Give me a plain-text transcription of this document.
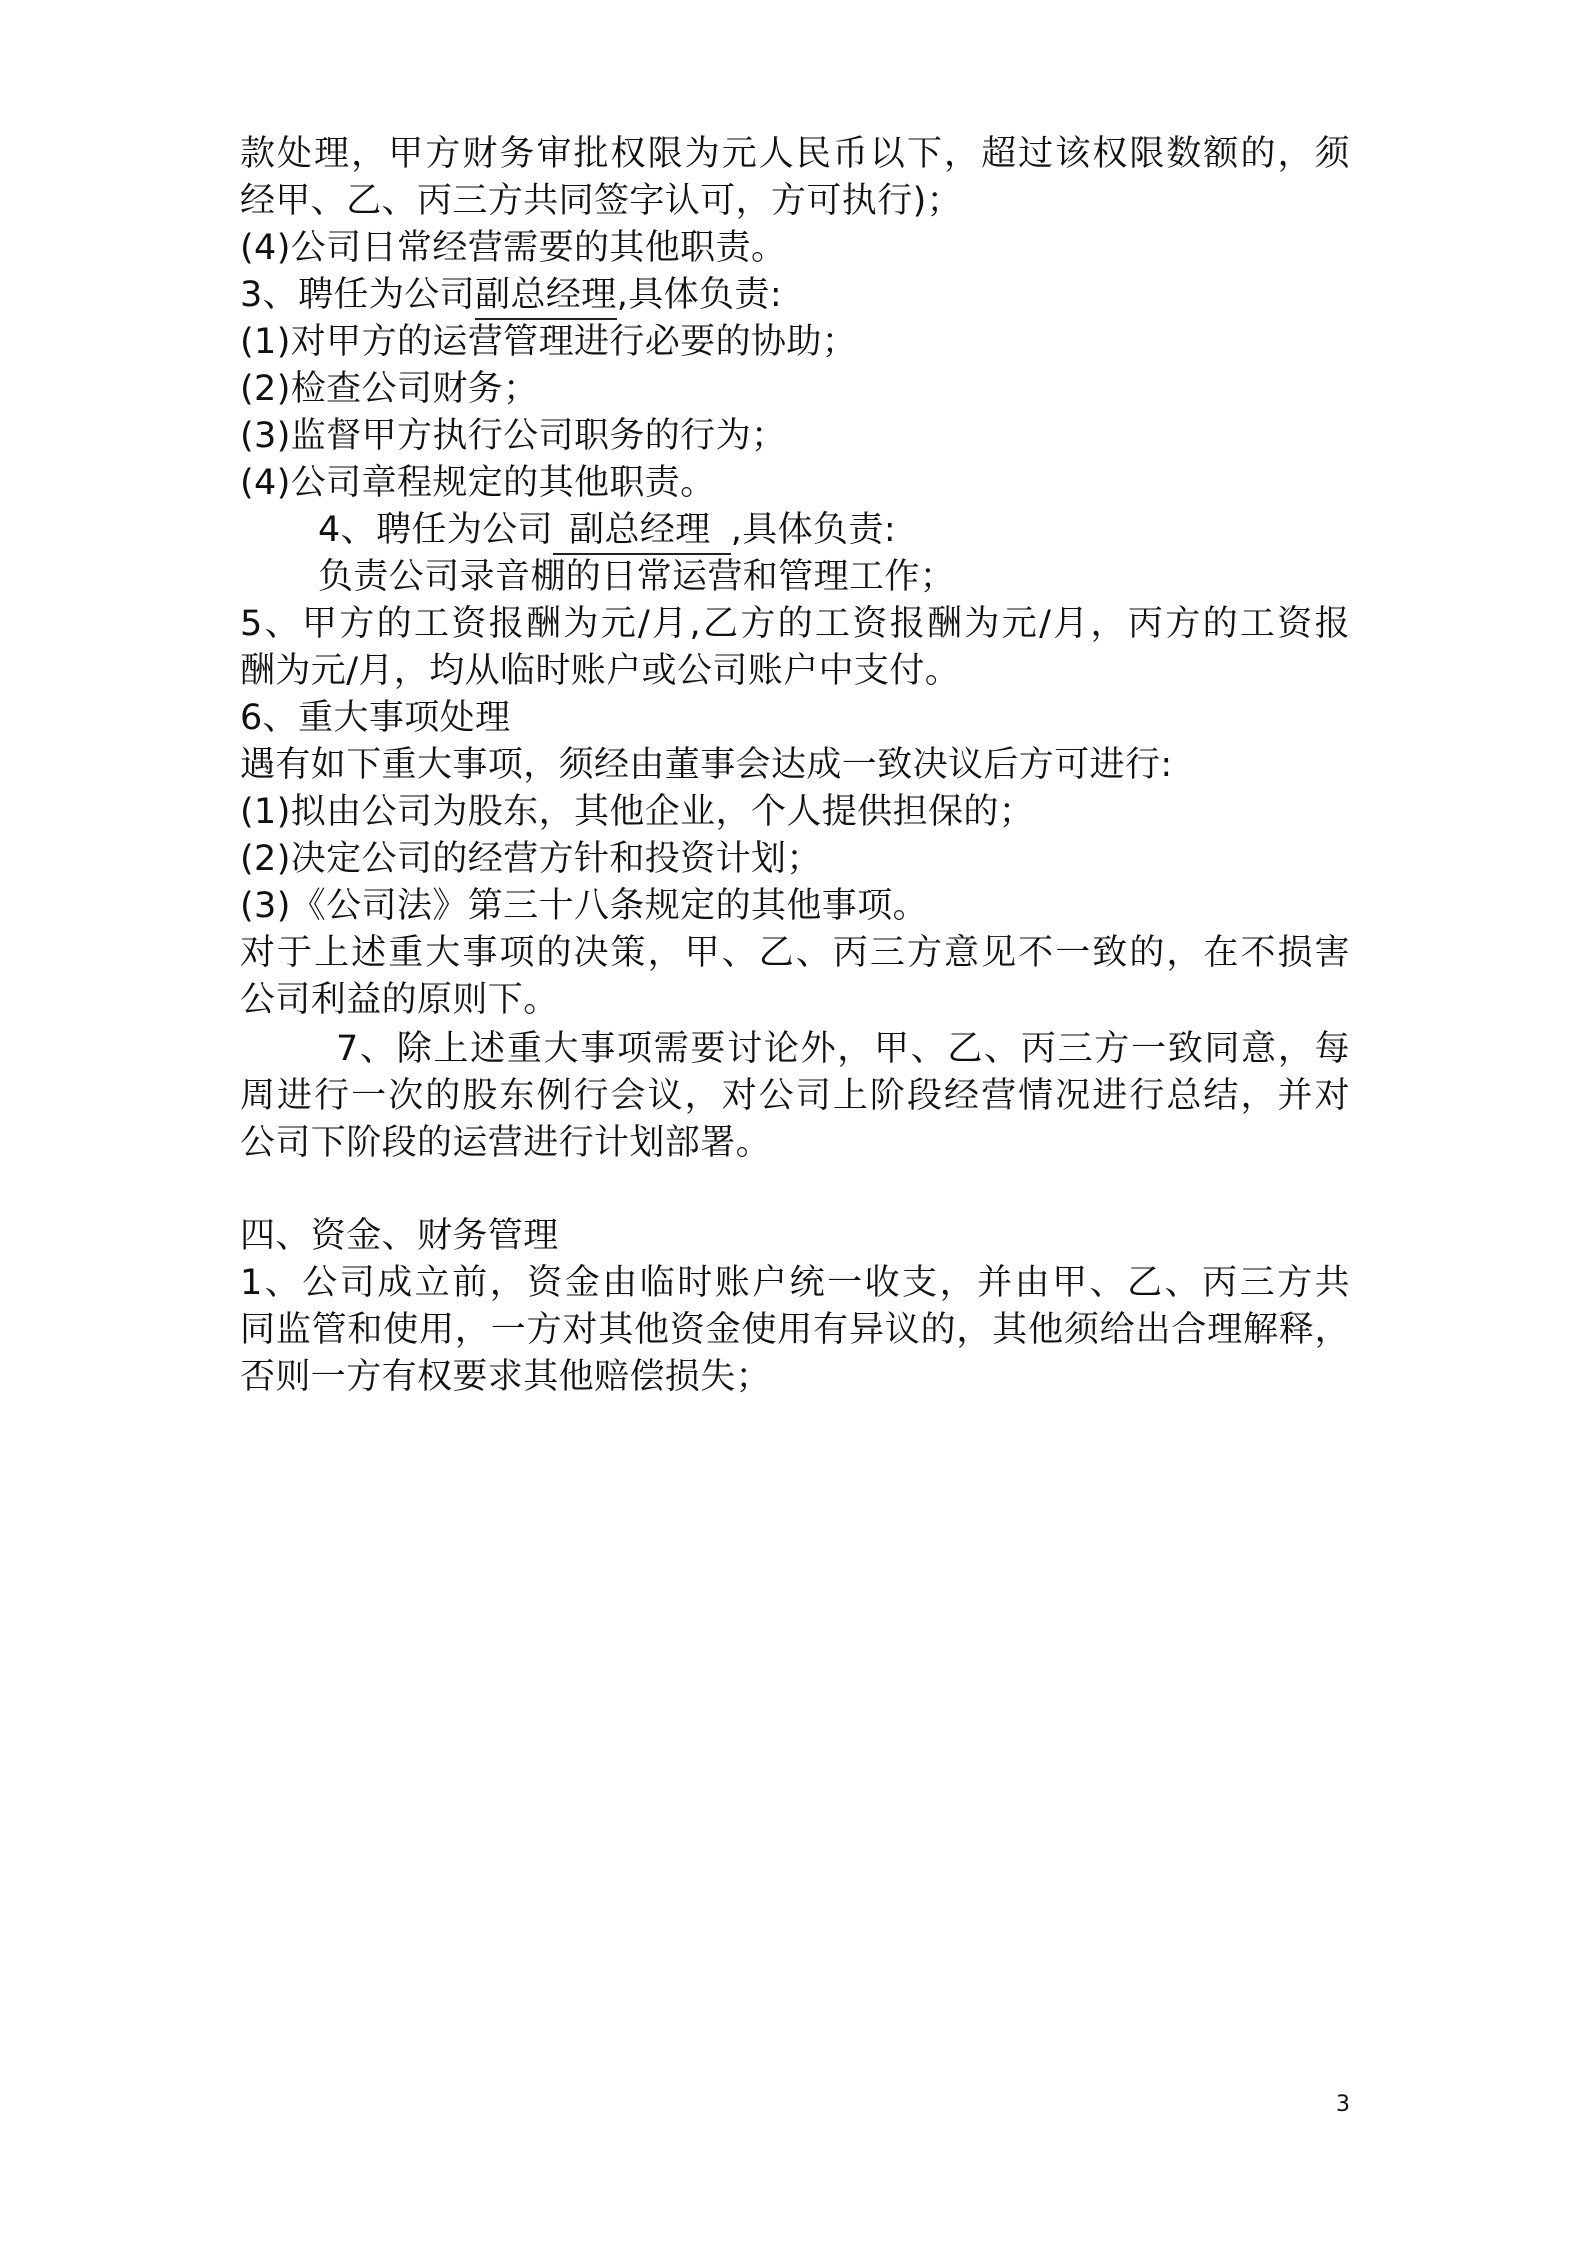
款处理，甲方财务审批权限为元人民币以下，超过该权限数额的，须
经甲、乙、丙三方共同签字认可，方可执行)；
(4)公司日常经营需要的其他职责。
3、聘任为公司副总经理,具体负责:
(1)对甲方的运营管理进行必要的协助；
(2)检查公司财务；
(3)监督甲方执行公司职务的行为；
(4)公司章程规定的其他职责。
4、聘任为公司 副总经理 ,具体负责:
负责公司录音棚的日常运营和管理工作；
5、甲方的工资报酬为元/月,乙方的工资报酬为元/月，丙方的工资报
酬为元/月，均从临时账户或公司账户中支付。
6、重大事项处理
遇有如下重大事项，须经由董事会达成一致决议后方可进行:
(1)拟由公司为股东，其他企业，个人提供担保的；
(2)决定公司的经营方针和投资计划；
(3)《公司法》第三十八条规定的其他事项。
对于上述重大事项的决策，甲、乙、丙三方意见不一致的，在不损害
公司利益的原则下。
7、除上述重大事项需要讨论外，甲、乙、丙三方一致同意，每
周进行一次的股东例行会议，对公司上阶段经营情况进行总结，并对
公司下阶段的运营进行计划部署。
四、资金、财务管理
1、公司成立前，资金由临时账户统一收支，并由甲、乙、丙三方共
同监管和使用，一方对其他资金使用有异议的，其他须给出合理解释，
否则一方有权要求其他赔偿损失；
3
